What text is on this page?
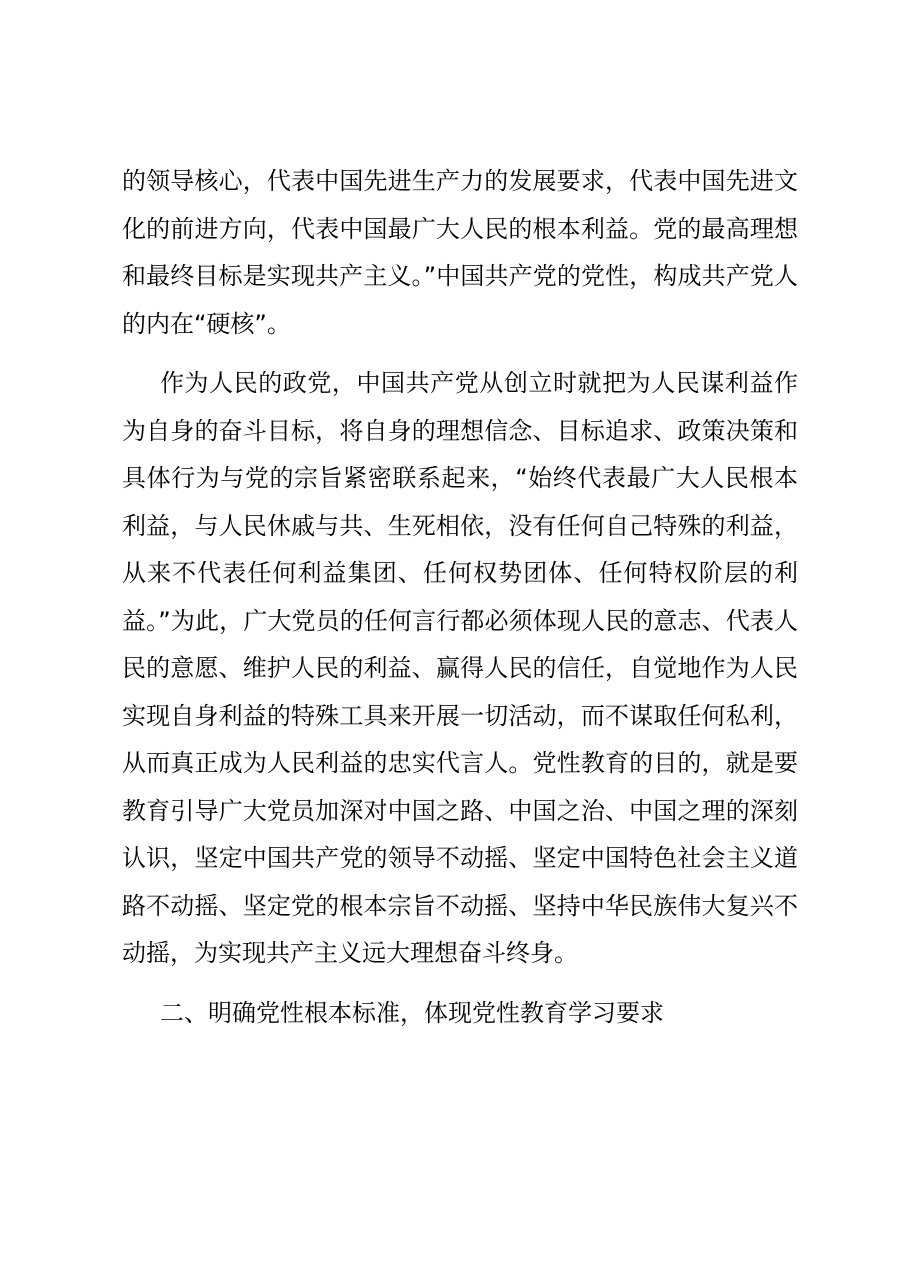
的领导核心，代表中国先进生产力的发展要求，代表中国先进文化的前进方向，代表中国最广大人民的根本利益。党的最高理想和最终目标是实现共产主义。”中国共产党的党性，构成共产党人的内在“硬核”。

作为人民的政党，中国共产党从创立时就把为人民谋利益作为自身的奋斗目标，将自身的理想信念、目标追求、政策决策和具体行为与党的宗旨紧密联系起来，“始终代表最广大人民根本利益，与人民休戚与共、生死相依，没有任何自己特殊的利益，从来不代表任何利益集团、任何权势团体、任何特权阶层的利益。”为此，广大党员的任何言行都必须体现人民的意志、代表人民的意愿、维护人民的利益、赢得人民的信任，自觉地作为人民实现自身利益的特殊工具来开展一切活动，而不谋取任何私利，从而真正成为人民利益的忠实代言人。党性教育的目的，就是要教育引导广大党员加深对中国之路、中国之治、中国之理的深刻认识，坚定中国共产党的领导不动摇、坚定中国特色社会主义道路不动摇、坚定党的根本宗旨不动摇、坚持中华民族伟大复兴不动摇，为实现共产主义远大理想奋斗终身。

二、明确党性根本标准，体现党性教育学习要求
